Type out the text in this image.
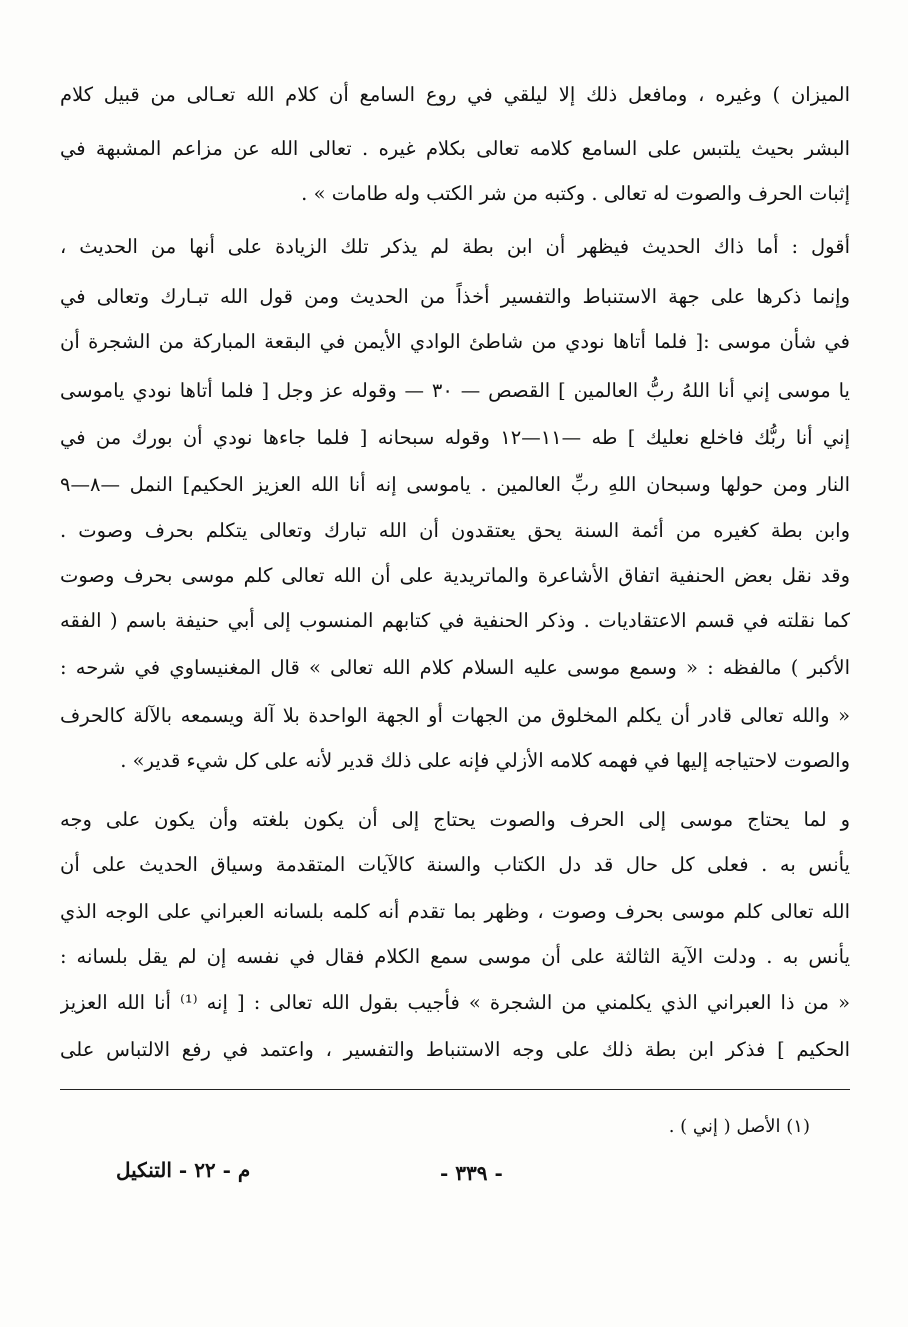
الميزان ) وغيره ، ومافعل ذلك إلا ليلقي في روع السامع أن كلام الله تعـالى من قبيل كلام
البشر بحيث يلتبس على السامع كلامه تعالى بكلام غيره . تعالى الله عن مزاعم المشبهة في
إثبات الحرف والصوت له تعالى . وكتبه من شر الكتب وله طامات » .
أقول : أما ذاك الحديث فيظهر أن ابن بطة لم يذكر تلك الزيادة على أنها من الحديث ،
وإنما ذكرها على جهة الاستنباط والتفسير أخذاً من الحديث ومن قول الله تبـارك وتعالى في
في شأن موسى :[ فلما أتاها نودي من شاطئ الوادي الأيمن في البقعة المباركة من الشجرة أن
يا موسى إني أنا اللهُ ربُّ العالمين ] القصص — ٣٠ — وقوله عز وجل [ فلما أتاها نودي ياموسى
إني أنا ربُّك فاخلع نعليك ] طه —١١—١٢ وقوله سبحانه [ فلما جاءها نودي أن بورك من في
النار ومن حولها وسبحان اللهِ ربِّ العالمين . ياموسى إنه أنا الله العزيز الحكيم] النمل —٨—٩
وابن بطة كغيره من أئمة السنة يحق يعتقدون أن الله تبارك وتعالى يتكلم بحرف وصوت .
وقد نقل بعض الحنفية اتفاق الأشاعرة والماتريدية على أن الله تعالى كلم موسى بحرف وصوت
كما نقلته في قسم الاعتقاديات . وذكر الحنفية في كتابهم المنسوب إلى أبي حنيفة باسم ( الفقه
الأكبر ) مالفظه : « وسمع موسى عليه السلام كلام الله تعالى » قال المغنيساوي في شرحه :
« والله تعالى قادر أن يكلم المخلوق من الجهات أو الجهة الواحدة بلا آلة ويسمعه بالآلة كالحرف
والصوت لاحتياجه إليها في فهمه كلامه الأزلي فإنه على ذلك قدير لأنه على كل شيء قدير» .
و لما يحتاج موسى إلى الحرف والصوت يحتاج إلى أن يكون بلغته وأن يكون على وجه
يأنس به . فعلى كل حال قد دل الكتاب والسنة كالآيات المتقدمة وسياق الحديث على أن
الله تعالى كلم موسى بحرف وصوت ، وظهر بما تقدم أنه كلمه بلسانه العبراني على الوجه الذي
يأنس به . ودلت الآية الثالثة على أن موسى سمع الكلام فقال في نفسه إن لم يقل بلسانه :
« من ذا العبراني الذي يكلمني من الشجرة » فأجيب بقول الله تعالى : [ إنه ⁽¹⁾ أنا الله العزيز
الحكيم ] فذكر ابن بطة ذلك على وجه الاستنباط والتفسير ، واعتمد في رفع الالتباس على
(١) الأصل ( إني ) .
- ٣٣٩ -
م - ٢٢ - التنكيل
